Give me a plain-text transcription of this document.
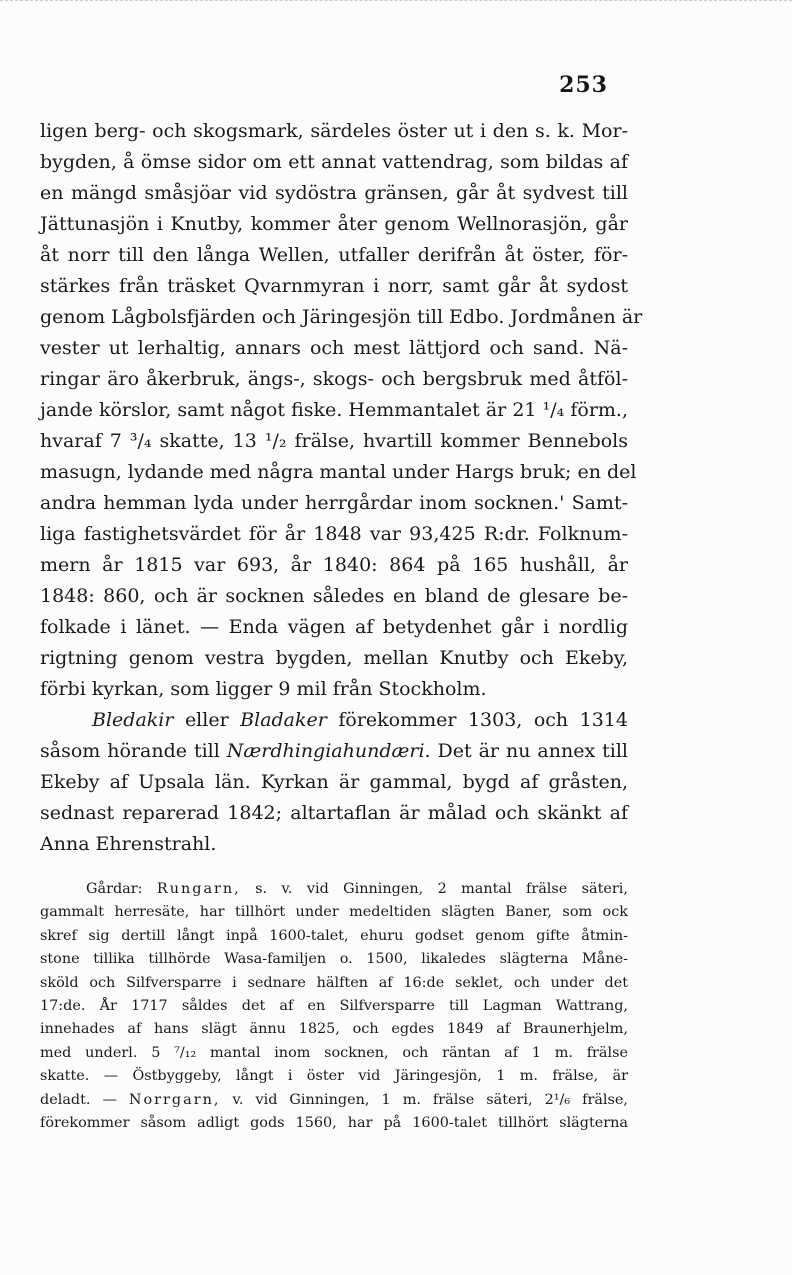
253

ligen berg- och skogsmark, särdeles öster ut i den s. k. Mor-
bygden, å ömse sidor om ett annat vattendrag, som bildas af
en mängd småsjöar vid sydöstra gränsen, går åt sydvest till
Jättunasjön i Knutby, kommer åter genom Wellnorasjön, går
åt norr till den långa Wellen, utfaller derifrån åt öster, för-
stärkes från träsket Qvarnmyran i norr, samt går åt sydost
genom Lågbolsfjärden och Järingesjön till Edbo. Jordmånen är
vester ut lerhaltig, annars och mest lättjord och sand. Nä-
ringar äro åkerbruk, ängs-, skogs- och bergsbruk med åtföl-
jande körslor, samt något fiske. Hemmantalet är 21 ¹/₄ förm.,
hvaraf 7 ³/₄ skatte, 13 ¹/₂ frälse, hvartill kommer Bennebols
masugn, lydande med några mantal under Hargs bruk; en del
andra hemman lyda under herrgårdar inom socknen.' Samt-
liga fastighetsvärdet för år 1848 var 93,425 R:dr. Folknum-
mern år 1815 var 693, år 1840: 864 på 165 hushåll, år
1848: 860, och är socknen således en bland de glesare be-
folkade i länet. — Enda vägen af betydenhet går i nordlig
rigtning genom vestra bygden, mellan Knutby och Ekeby,
förbi kyrkan, som ligger 9 mil från Stockholm.
Bledakir eller Bladaker förekommer 1303, och 1314
såsom hörande till Nærdhingiahundæri. Det är nu annex till
Ekeby af Upsala län. Kyrkan är gammal, bygd af gråsten,
sednast reparerad 1842; altartaflan är målad och skänkt af
Anna Ehrenstrahl.
Gårdar: Rungarn, s. v. vid Ginningen, 2 mantal frälse säteri,
gammalt herresäte, har tillhört under medeltiden slägten Baner, som ock
skref sig dertill långt inpå 1600-talet, ehuru godset genom gifte åtmin-
stone tillika tillhörde Wasa-familjen o. 1500, likaledes slägterna Måne-
sköld och Silfversparre i sednare hälften af 16:de seklet, och under det
17:de. År 1717 såldes det af en Silfversparre till Lagman Wattrang,
innehades af hans slägt ännu 1825, och egdes 1849 af Braunerhjelm,
med underl. 5 ⁷/₁₂ mantal inom socknen, och räntan af 1 m. frälse
skatte. — Östbyggeby, långt i öster vid Järingesjön, 1 m. frälse, är
deladt. — Norrgarn, v. vid Ginningen, 1 m. frälse säteri, 2¹/₆ frälse,
förekommer såsom adligt gods 1560, har på 1600-talet tillhört slägterna
